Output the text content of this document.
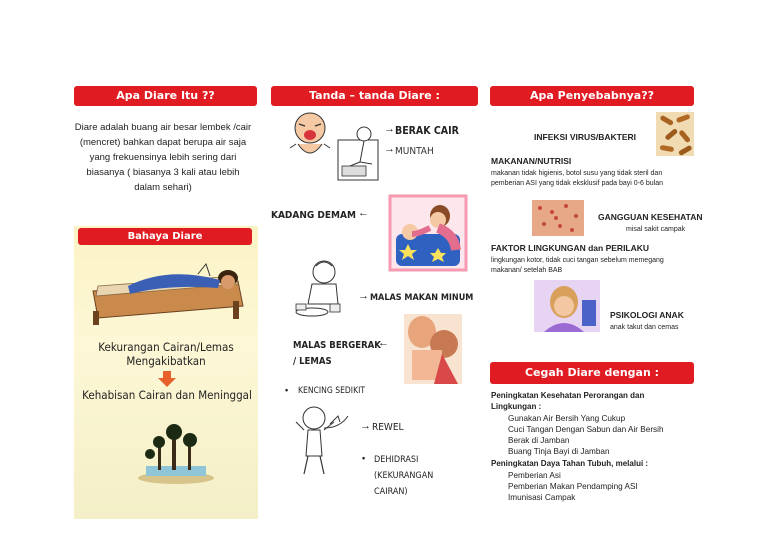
Apa Diare Itu ??
Diare adalah buang air besar lembek /cair (mencret) bahkan dapat berupa air saja yang frekuensinya lebih sering dari biasanya ( biasanya 3 kali atau lebih dalam sehari)
Bahaya Diare
Kekurangan Cairan/Lemas Mengakibatkan
Kehabisan Cairan dan Meninggal
Tanda – tanda Diare :
→ BERAK CAIR
→ MUNTAH
KADANG DEMAM ←
→ MALAS MAKAN MINUM
MALAS BERGERAK
←
/ LEMAS
• KENCING SEDIKIT
→ REWEL
• DEHIDRASI
(KEKURANGAN
CAIRAN)
Apa Penyebabnya??
INFEKSI VIRUS/BAKTERI
MAKANAN/NUTRISI
makanan tidak higienis, botol susu yang tidak steril dan pemberian ASI yang tidak eksklusif pada bayi 0-6 bulan
GANGGUAN KESEHATAN
misal sakit campak
FAKTOR LINGKUNGAN dan PERILAKU
lingkungan kotor, tidak cuci tangan sebelum memegang makanan/ setelah BAB
PSIKOLOGI ANAK
anak takut dan cemas
Cegah Diare dengan :
Peningkatan Kesehatan Perorangan dan Lingkungan :
Gunakan Air Bersih Yang Cukup
Cuci Tangan Dengan Sabun dan Air Bersih
Berak di Jamban
Buang Tinja Bayi di Jamban
Peningkatan Daya Tahan Tubuh, melalui :
Pemberian Asi
Pemberian Makan Pendamping ASI
Imunisasi Campak
